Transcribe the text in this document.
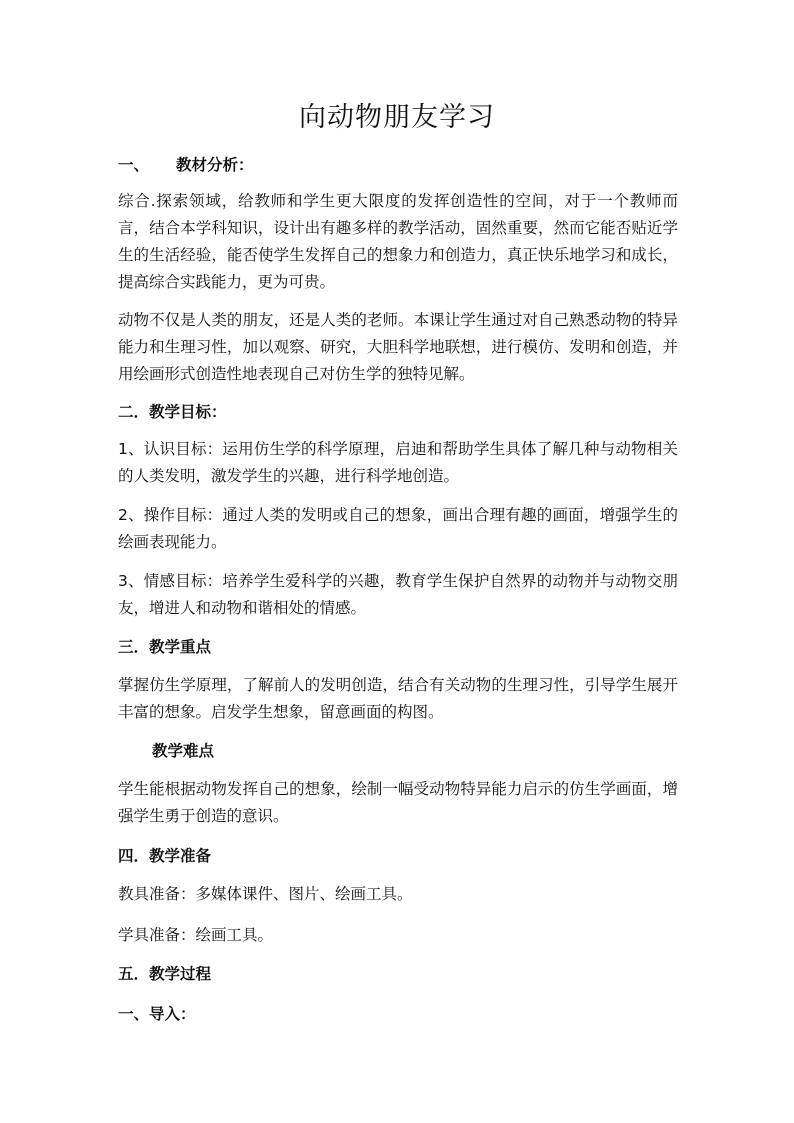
向动物朋友学习
一、 教材分析：
综合.探索领域，给教师和学生更大限度的发挥创造性的空间，对于一个教师而言，结合本学科知识，设计出有趣多样的教学活动，固然重要，然而它能否贴近学生的生活经验，能否使学生发挥自己的想象力和创造力，真正快乐地学习和成长，提高综合实践能力，更为可贵。
动物不仅是人类的朋友，还是人类的老师。本课让学生通过对自己熟悉动物的特异能力和生理习性，加以观察、研究，大胆科学地联想，进行模仿、发明和创造，并用绘画形式创造性地表现自己对仿生学的独特见解。
二．教学目标：
1、认识目标：运用仿生学的科学原理，启迪和帮助学生具体了解几种与动物相关的人类发明，激发学生的兴趣，进行科学地创造。
2、操作目标：通过人类的发明或自己的想象，画出合理有趣的画面，增强学生的绘画表现能力。
3、情感目标：培养学生爱科学的兴趣，教育学生保护自然界的动物并与动物交朋友，增进人和动物和谐相处的情感。
三．教学重点
掌握仿生学原理，了解前人的发明创造，结合有关动物的生理习性，引导学生展开丰富的想象。启发学生想象，留意画面的构图。
教学难点
学生能根据动物发挥自己的想象，绘制一幅受动物特异能力启示的仿生学画面，增强学生勇于创造的意识。
四．教学准备
教具准备：多媒体课件、图片、绘画工具。
学具准备：绘画工具。
五．教学过程
一、导入：
